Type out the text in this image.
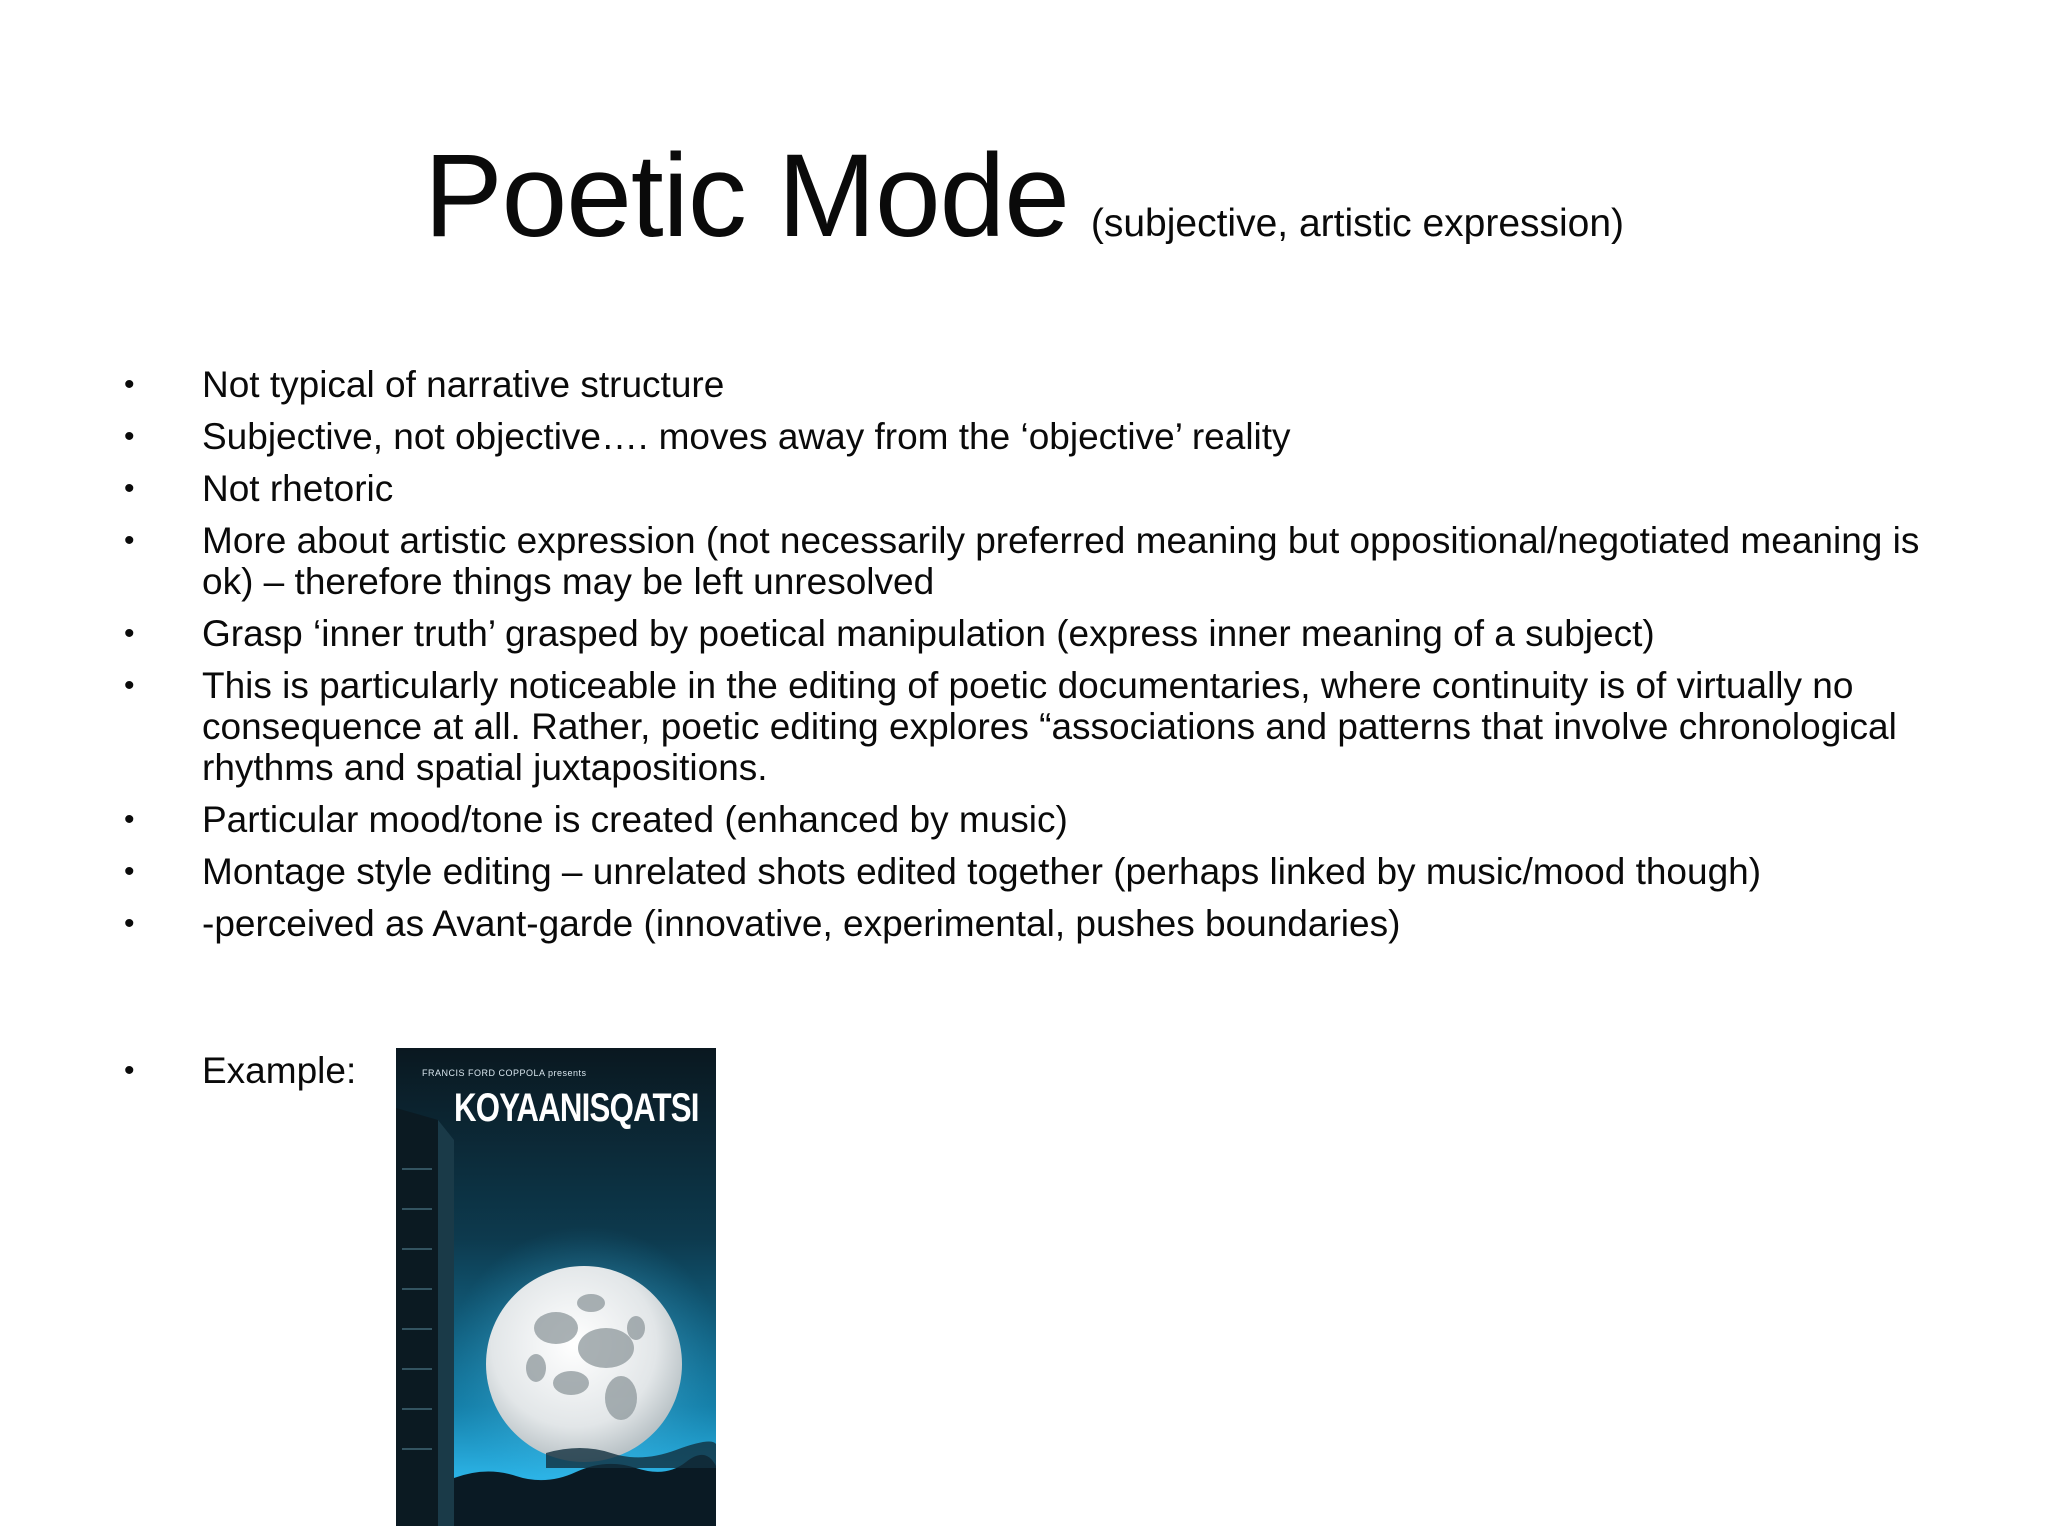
Poetic Mode (subjective, artistic expression)
• Not typical of narrative structure
• Subjective, not objective…. moves away from the ‘objective’ reality
• Not rhetoric
• More about artistic expression (not necessarily preferred meaning but oppositional/negotiated meaning is ok) – therefore things may be left unresolved
• Grasp ‘inner truth’ grasped by poetical manipulation (express inner meaning of a subject)
• This is particularly noticeable in the editing of poetic documentaries, where continuity is of virtually no consequence at all. Rather, poetic editing explores “associations and patterns that involve chronological rhythms and spatial juxtapositions.
• Particular mood/tone is created (enhanced by music)
• Montage style editing – unrelated shots edited together (perhaps linked by music/mood though)
• -perceived as Avant-garde (innovative, experimental, pushes boundaries)
• Example:	FRANCIS FORD COPPOLA presents
KOYAANISQATSI
